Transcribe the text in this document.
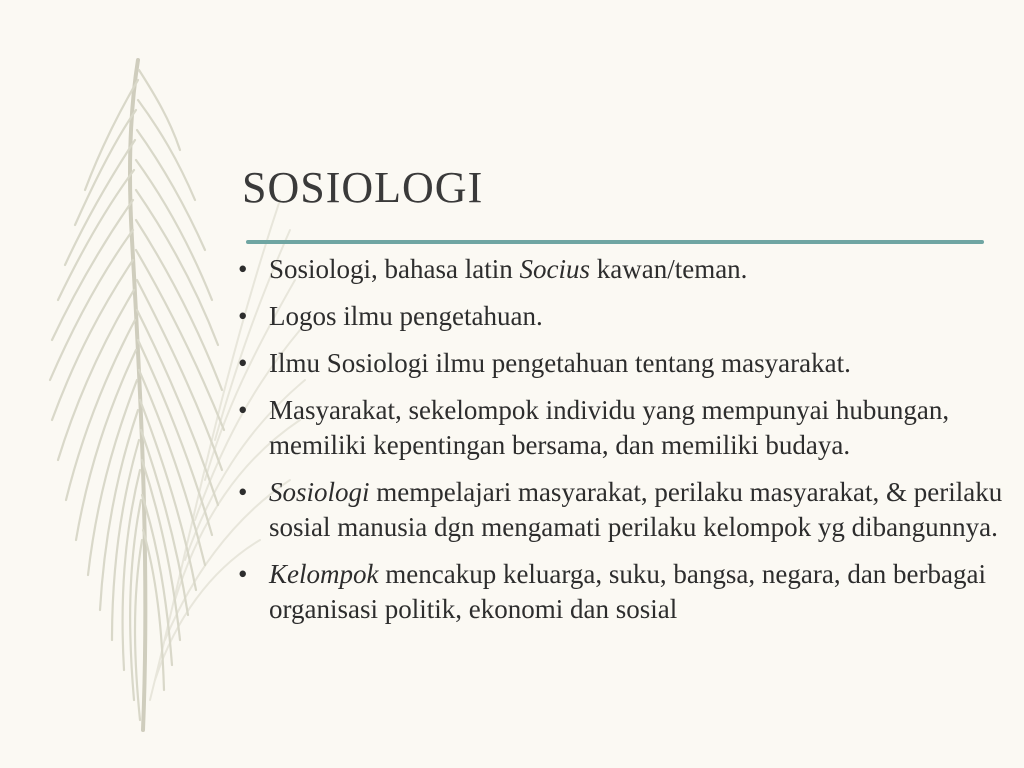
SOSIOLOGI
• Sosiologi, bahasa latin Socius kawan/teman.
• Logos ilmu pengetahuan.
• Ilmu Sosiologi ilmu pengetahuan tentang masyarakat.
• Masyarakat, sekelompok individu yang mempunyai hubungan, memiliki kepentingan bersama, dan memiliki budaya.
• Sosiologi mempelajari masyarakat, perilaku masyarakat, & perilaku sosial manusia dgn mengamati perilaku kelompok yg dibangunnya.
• Kelompok mencakup keluarga, suku, bangsa, negara, dan berbagai organisasi politik, ekonomi dan sosial
